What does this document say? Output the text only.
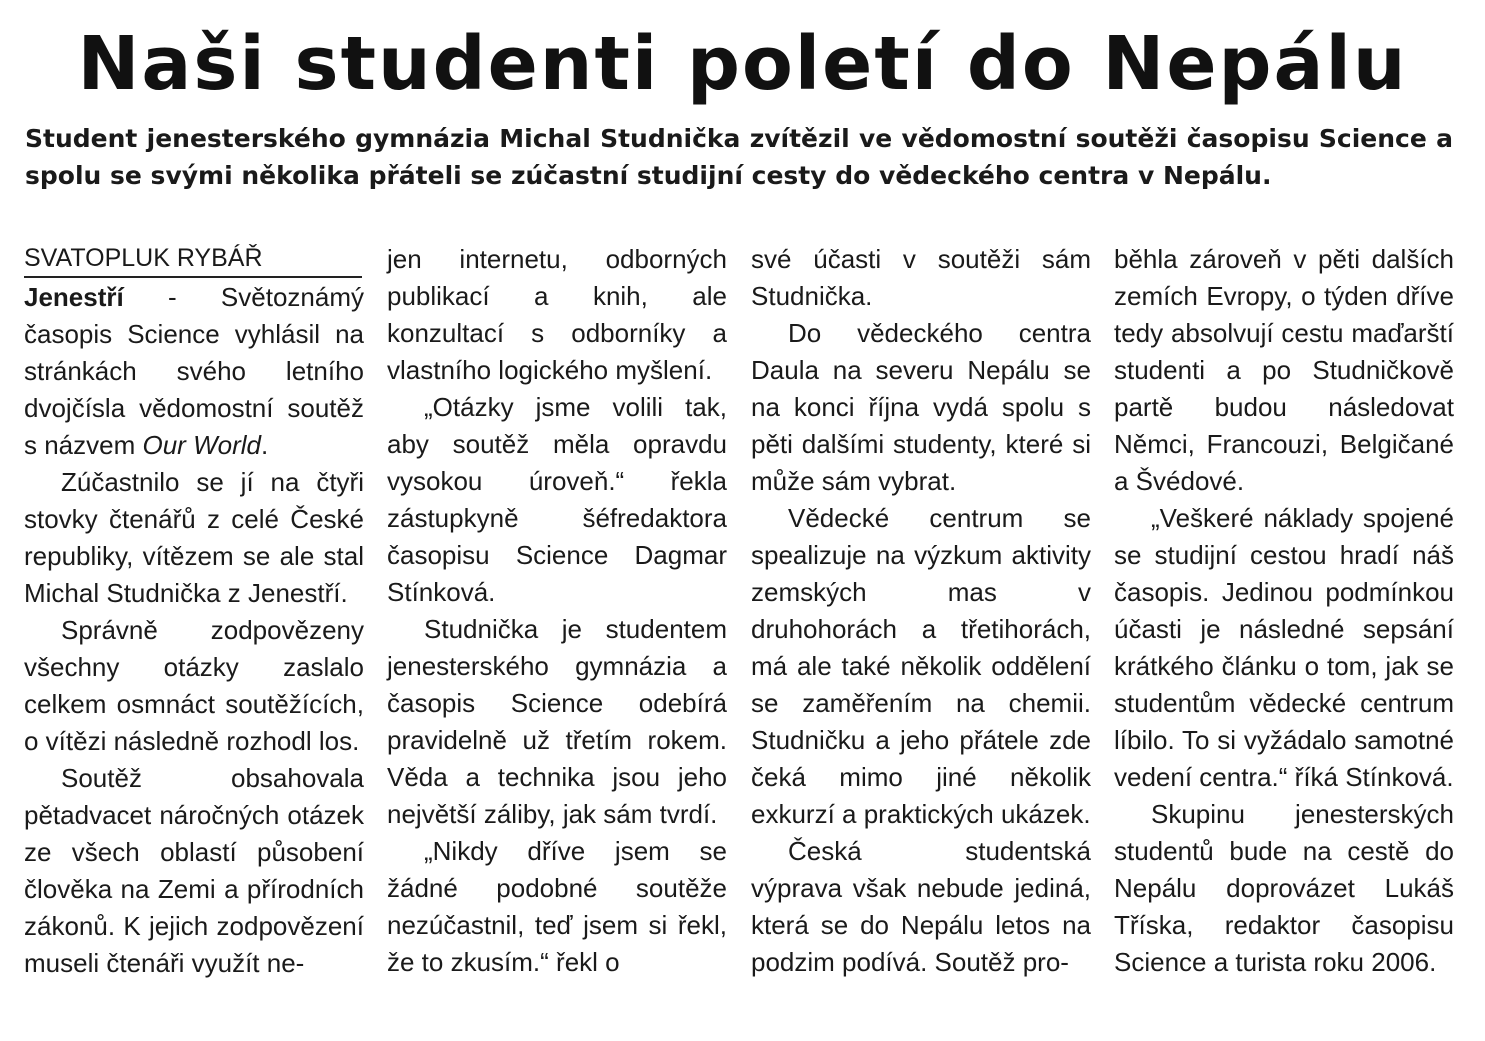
Naši studenti poletí do Nepálu

Student jenesterského gymnázia Michal Studnička zvítězil ve vědomostní soutěži časopisu Science a spolu se svými několika přáteli se zúčastní studijní cesty do vědeckého centra v Nepálu.

SVATOPLUK RYBÁŘ

Jenestří - Světoznámý časopis Science vyhlásil na stránkách svého letního dvojčísla vědomostní soutěž s názvem Our World.

Zúčastnilo se jí na čtyři stovky čtenářů z celé České republiky, vítězem se ale stal Michal Studnička z Jenestří.

Správně zodpovězeny všechny otázky zaslalo celkem osmnáct soutěžících, o vítězi následně rozhodl los.

Soutěž obsahovala pětadvacet náročných otázek ze všech oblastí působení člověka na Zemi a přírodních zákonů. K jejich zodpovězení museli čtenáři využít ne-

jen internetu, odborných publikací a knih, ale konzultací s odborníky a vlastního logického myšlení.

„Otázky jsme volili tak, aby soutěž měla opravdu vysokou úroveň.“ řekla zástupkyně šéfredaktora časopisu Science Dagmar Stínková.

Studnička je studentem jenesterského gymnázia a časopis Science odebírá pravidelně už třetím rokem. Věda a technika jsou jeho největší záliby, jak sám tvrdí.

„Nikdy dříve jsem se žádné podobné soutěže nezúčastnil, teď jsem si řekl, že to zkusím.“ řekl o

své účasti v soutěži sám Studnička.

Do vědeckého centra Daula na severu Nepálu se na konci října vydá spolu s pěti dalšími studenty, které si může sám vybrat.

Vědecké centrum se spealizuje na výzkum aktivity zemských mas v druhohorách a třetihorách, má ale také několik oddělení se zaměřením na chemii. Studničku a jeho přátele zde čeká mimo jiné několik exkurzí a praktických ukázek.

Česká studentská výprava však nebude jediná, která se do Nepálu letos na podzim podívá. Soutěž pro-

běhla zároveň v pěti dalších zemích Evropy, o týden dříve tedy absolvují cestu maďarští studenti a po Studničkově partě budou následovat Němci, Francouzi, Belgičané a Švédové.

„Veškeré náklady spojené se studijní cestou hradí náš časopis. Jedinou podmínkou účasti je následné sepsání krátkého článku o tom, jak se studentům vědecké centrum líbilo. To si vyžádalo samotné vedení centra.“ říká Stínková.

Skupinu jenesterských studentů bude na cestě do Nepálu doprovázet Lukáš Tříska, redaktor časopisu Science a turista roku 2006.
